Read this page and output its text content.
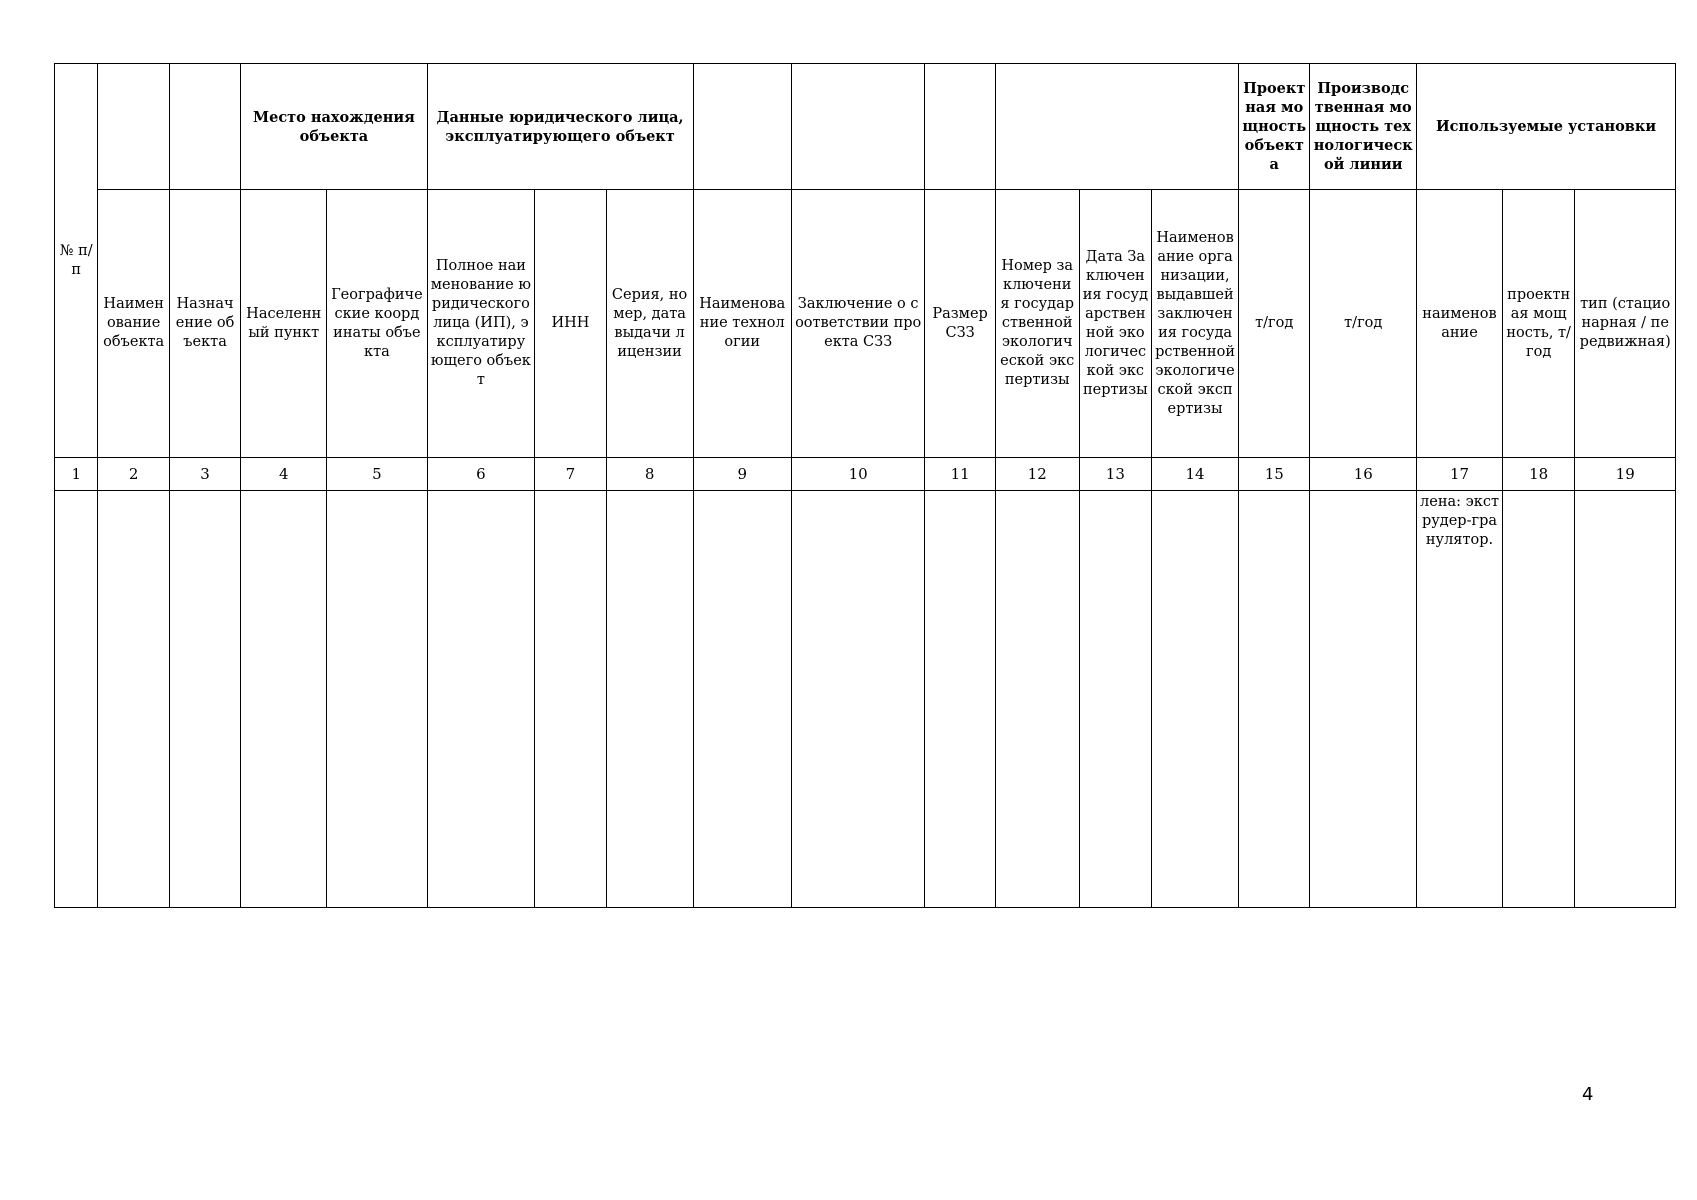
№ п/п			Место нахождения объекта		Данные юридического лица, эксплуатирующего объект									Проектная мощность объекта	Производственная мощность технологической линии	Используемые установки		
	Наименование объекта	Назначение объекта	Населенный пункт	Географические координаты объекта	Полное наименование юридического лица (ИП), эксплуатирующего объект	ИНН	Серия, номер, дата выдачи лицензии	Наименование технологии	Заключение о соответствии проекта СЗЗ	Размер СЗЗ	Номер заключения государственной экологической экспертизы	Дата Заключения государственной экологической экспертизы	Наименование организации, выдавшей заключения государственной экологической экспертизы	т/год	т/год	наименование	проектная мощность, т/год	тип (стационарная / передвижная)
1	2	3	4	5	6	7	8	9	10	11	12	13	14	15	16	17	18	19
																лена: экструдер-гранулятор.		
4
